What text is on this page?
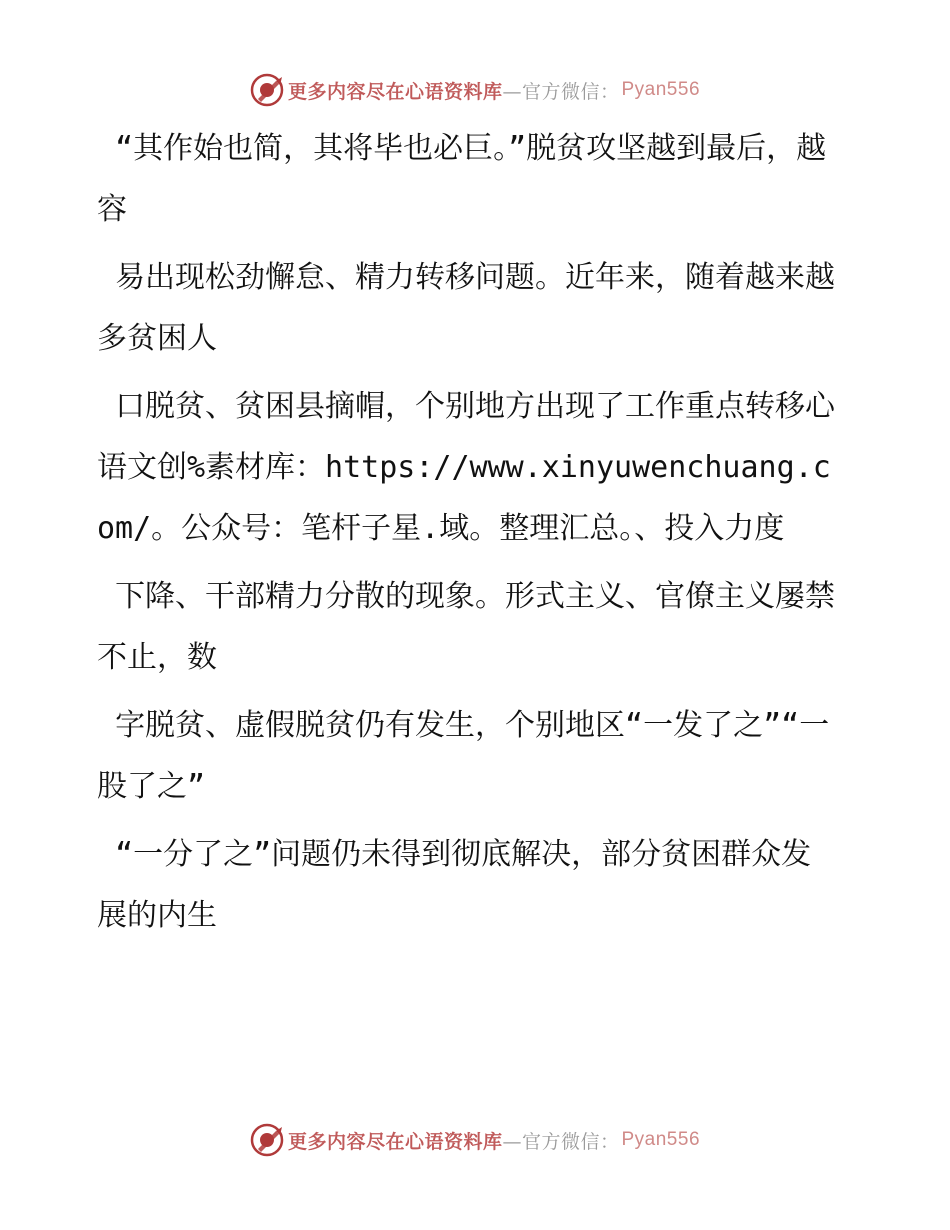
更多内容尽在心语资料库 —官方微信： Pyan556

“其作始也简，其将毕也必巨。”脱贫攻坚越到最后，越容

易出现松劲懈怠、精力转移问题。近年来，随着越来越多贫困人

口脱贫、贫困县摘帽，个别地方出现了工作重点转移心语文创%素材库：https://www.xinyuwenchuang.com/。公众号：笔杆子星.域。整理汇总。、投入力度

下降、干部精力分散的现象。形式主义、官僚主义屡禁不止，数

字脱贫、虚假脱贫仍有发生，个别地区“一发了之”“一股了之”

“一分了之”问题仍未得到彻底解决，部分贫困群众发展的内生

更多内容尽在心语资料库 —官方微信： Pyan556
